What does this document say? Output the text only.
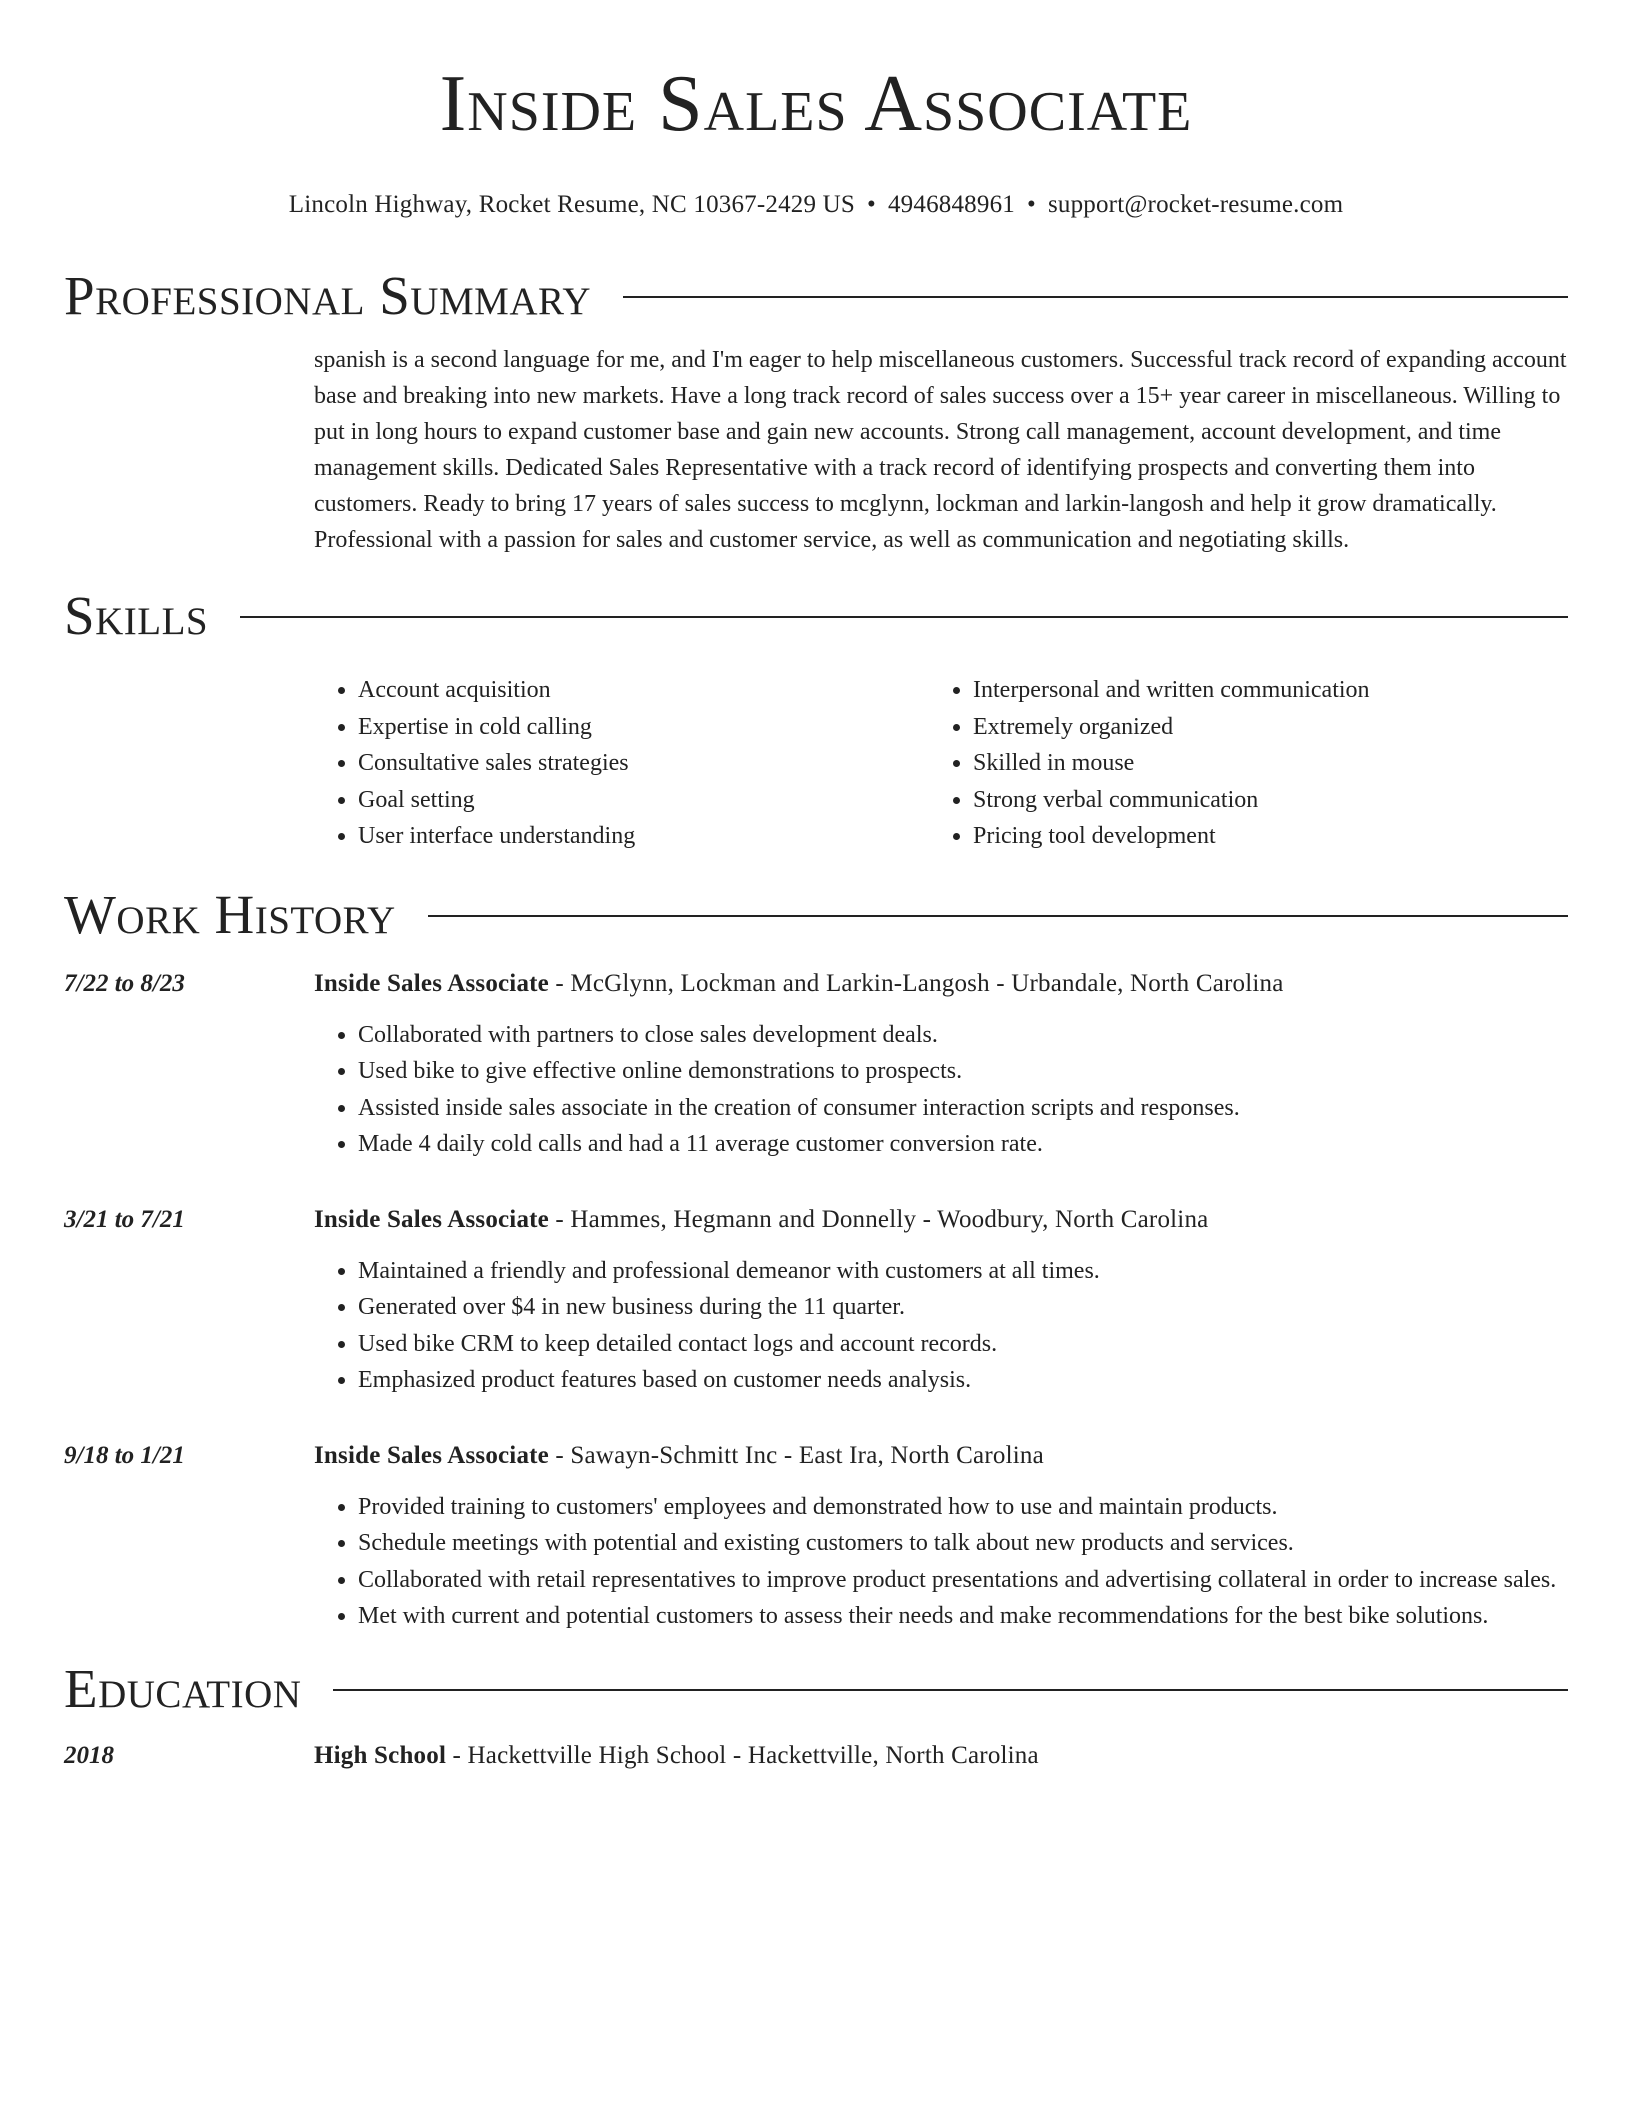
Inside Sales Associate
Lincoln Highway, Rocket Resume, NC 10367-2429 US • 4946848961 • support@rocket-resume.com
Professional Summary
spanish is a second language for me, and I'm eager to help miscellaneous customers. Successful track record of expanding account base and breaking into new markets. Have a long track record of sales success over a 15+ year career in miscellaneous. Willing to put in long hours to expand customer base and gain new accounts. Strong call management, account development, and time management skills. Dedicated Sales Representative with a track record of identifying prospects and converting them into customers. Ready to bring 17 years of sales success to mcglynn, lockman and larkin-langosh and help it grow dramatically. Professional with a passion for sales and customer service, as well as communication and negotiating skills.
Skills
• Account acquisition
• Expertise in cold calling
• Consultative sales strategies
• Goal setting
• User interface understanding
• Interpersonal and written communication
• Extremely organized
• Skilled in mouse
• Strong verbal communication
• Pricing tool development
Work History
7/22 to 8/23	Inside Sales Associate - McGlynn, Lockman and Larkin-Langosh - Urbandale, North Carolina
• Collaborated with partners to close sales development deals.
• Used bike to give effective online demonstrations to prospects.
• Assisted inside sales associate in the creation of consumer interaction scripts and responses.
• Made 4 daily cold calls and had a 11 average customer conversion rate.
3/21 to 7/21	Inside Sales Associate - Hammes, Hegmann and Donnelly - Woodbury, North Carolina
• Maintained a friendly and professional demeanor with customers at all times.
• Generated over $4 in new business during the 11 quarter.
• Used bike CRM to keep detailed contact logs and account records.
• Emphasized product features based on customer needs analysis.
9/18 to 1/21	Inside Sales Associate - Sawayn-Schmitt Inc - East Ira, North Carolina
• Provided training to customers' employees and demonstrated how to use and maintain products.
• Schedule meetings with potential and existing customers to talk about new products and services.
• Collaborated with retail representatives to improve product presentations and advertising collateral in order to increase sales.
• Met with current and potential customers to assess their needs and make recommendations for the best bike solutions.
Education
2018	High School - Hackettville High School - Hackettville, North Carolina
